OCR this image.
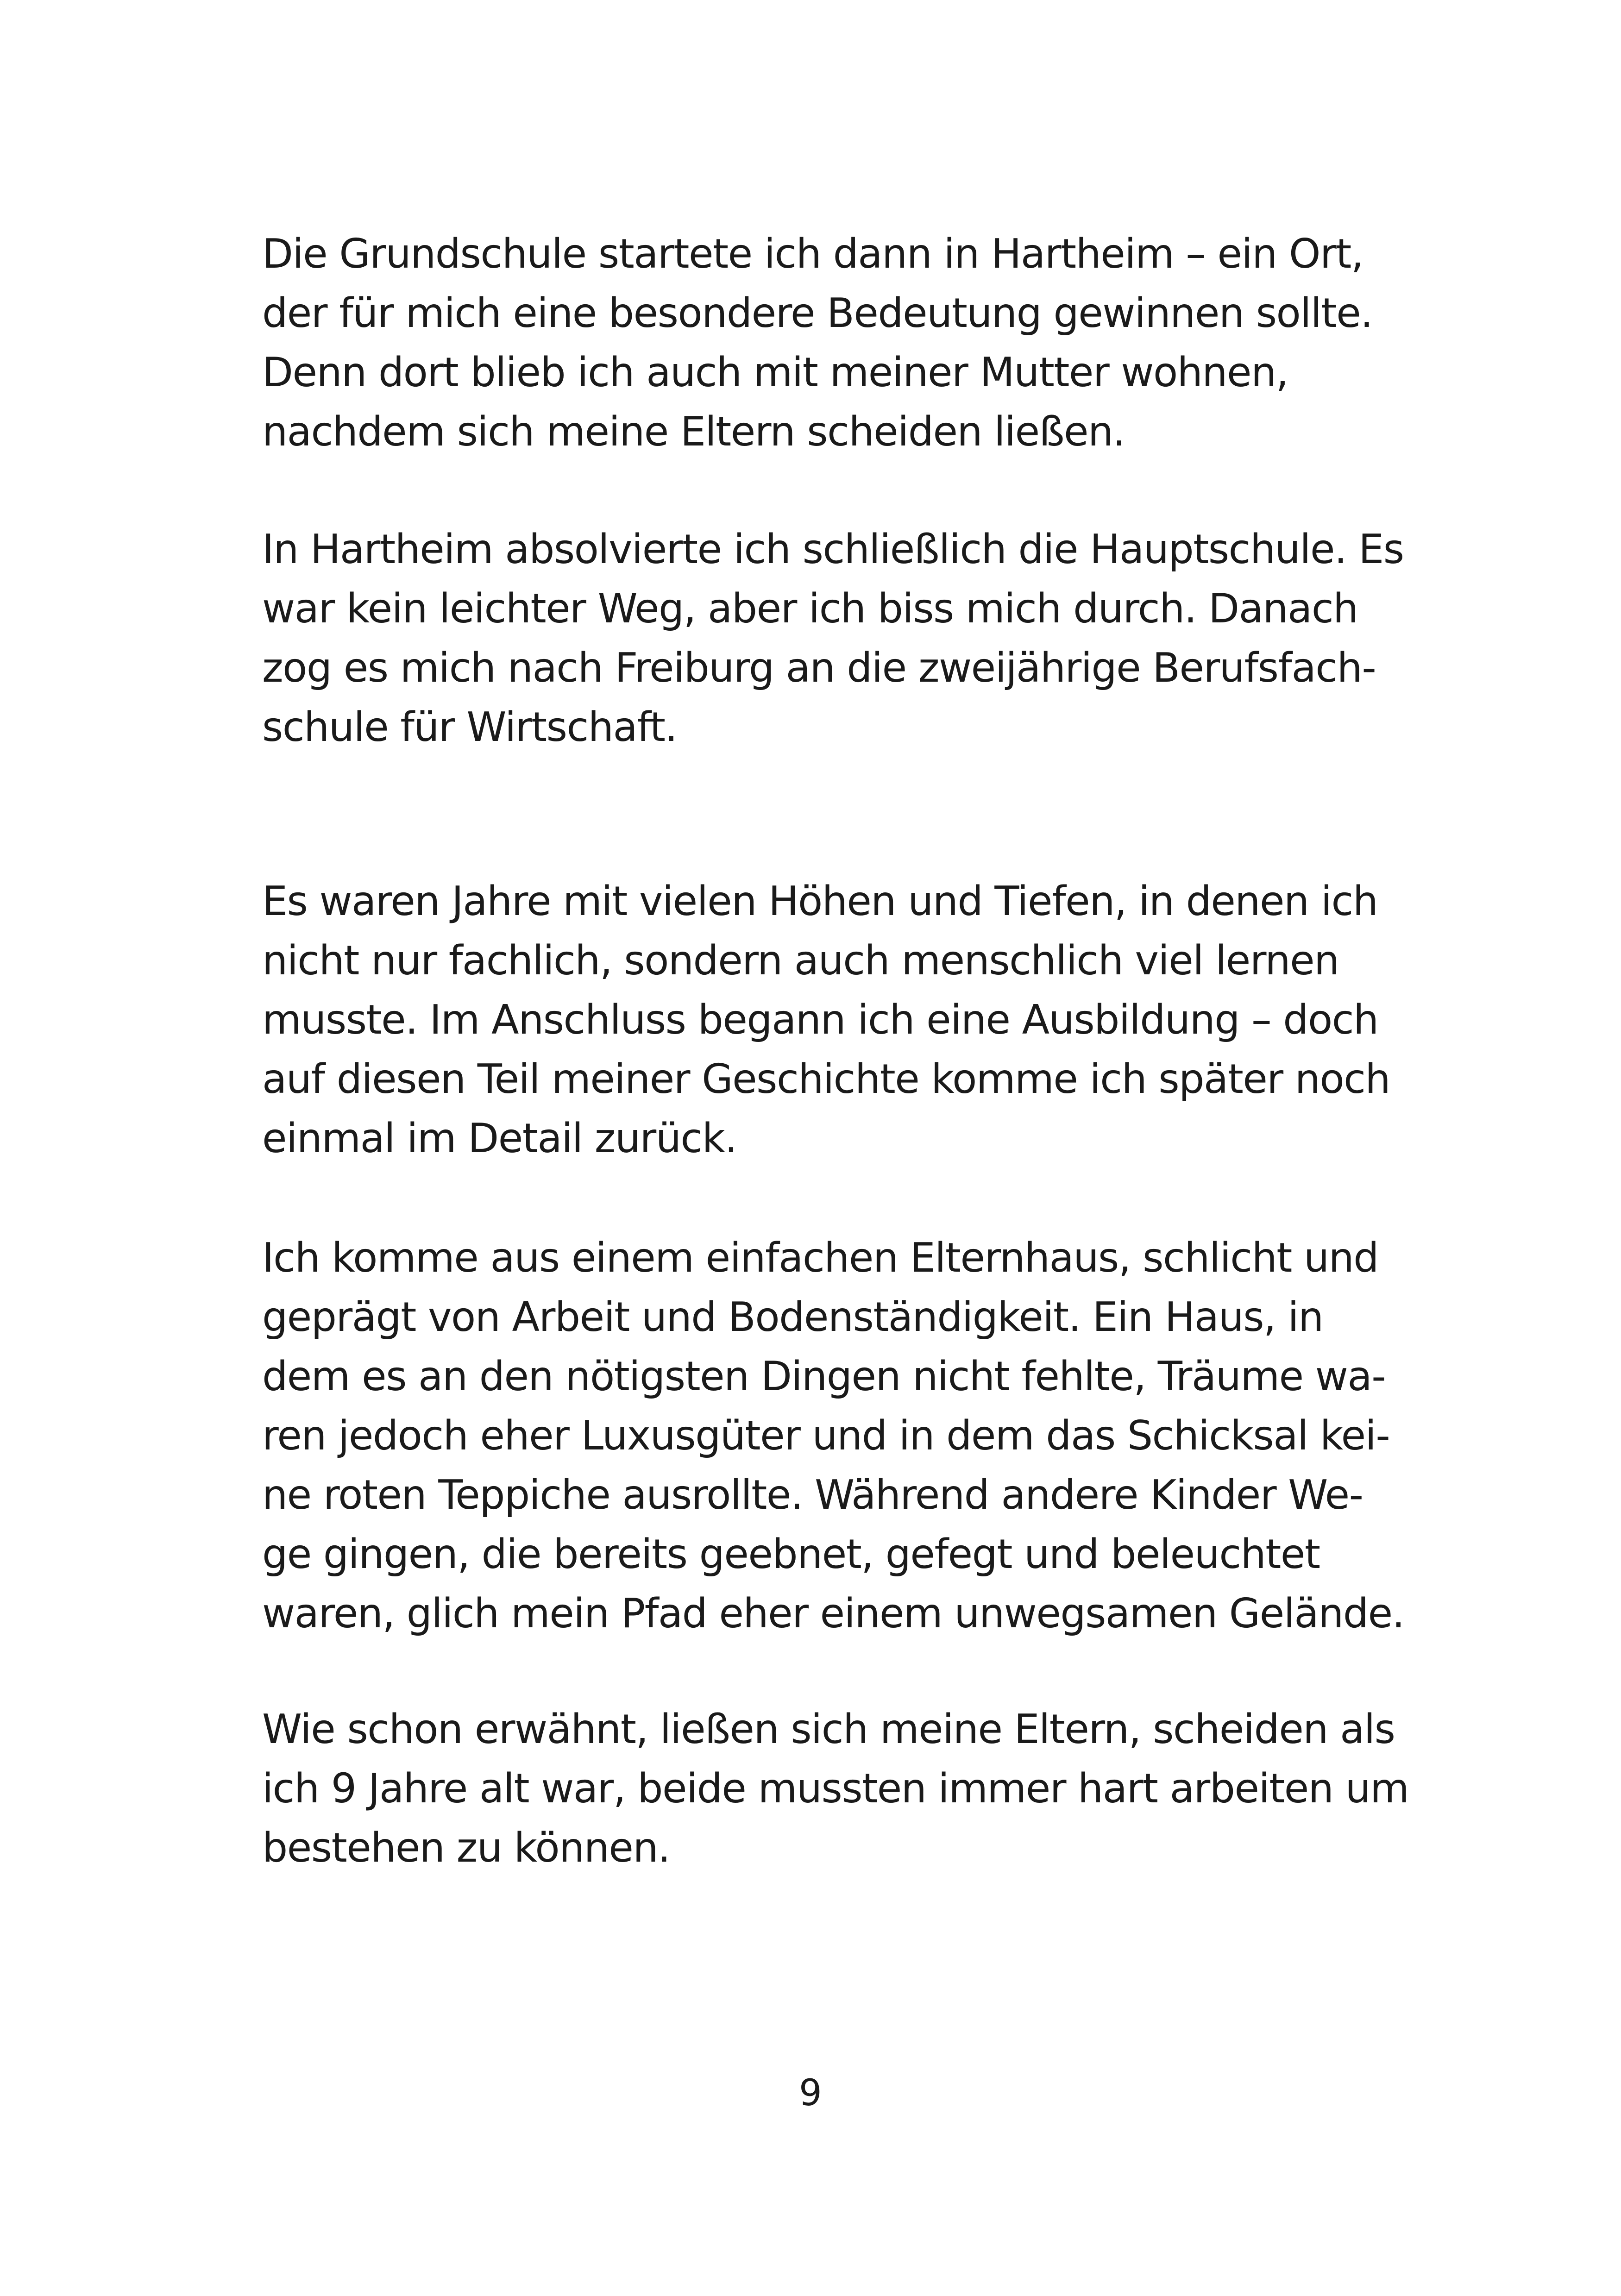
Die Grundschule startete ich dann in Hartheim – ein Ort,
der für mich eine besondere Bedeutung gewinnen sollte.
Denn dort blieb ich auch mit meiner Mutter wohnen,
nachdem sich meine Eltern scheiden ließen.
In Hartheim absolvierte ich schließlich die Hauptschule. Es
war kein leichter Weg, aber ich biss mich durch. Danach
zog es mich nach Freiburg an die zweijährige Berufsfach-
schule für Wirtschaft.
Es waren Jahre mit vielen Höhen und Tiefen, in denen ich
nicht nur fachlich, sondern auch menschlich viel lernen
musste. Im Anschluss begann ich eine Ausbildung – doch
auf diesen Teil meiner Geschichte komme ich später noch
einmal im Detail zurück.
Ich komme aus einem einfachen Elternhaus, schlicht und
geprägt von Arbeit und Bodenständigkeit. Ein Haus, in
dem es an den nötigsten Dingen nicht fehlte, Träume wa-
ren jedoch eher Luxusgüter und in dem das Schicksal kei-
ne roten Teppiche ausrollte. Während andere Kinder We-
ge gingen, die bereits geebnet, gefegt und beleuchtet
waren, glich mein Pfad eher einem unwegsamen Gelände.
Wie schon erwähnt, ließen sich meine Eltern, scheiden als
ich 9 Jahre alt war, beide mussten immer hart arbeiten um
bestehen zu können.
9
